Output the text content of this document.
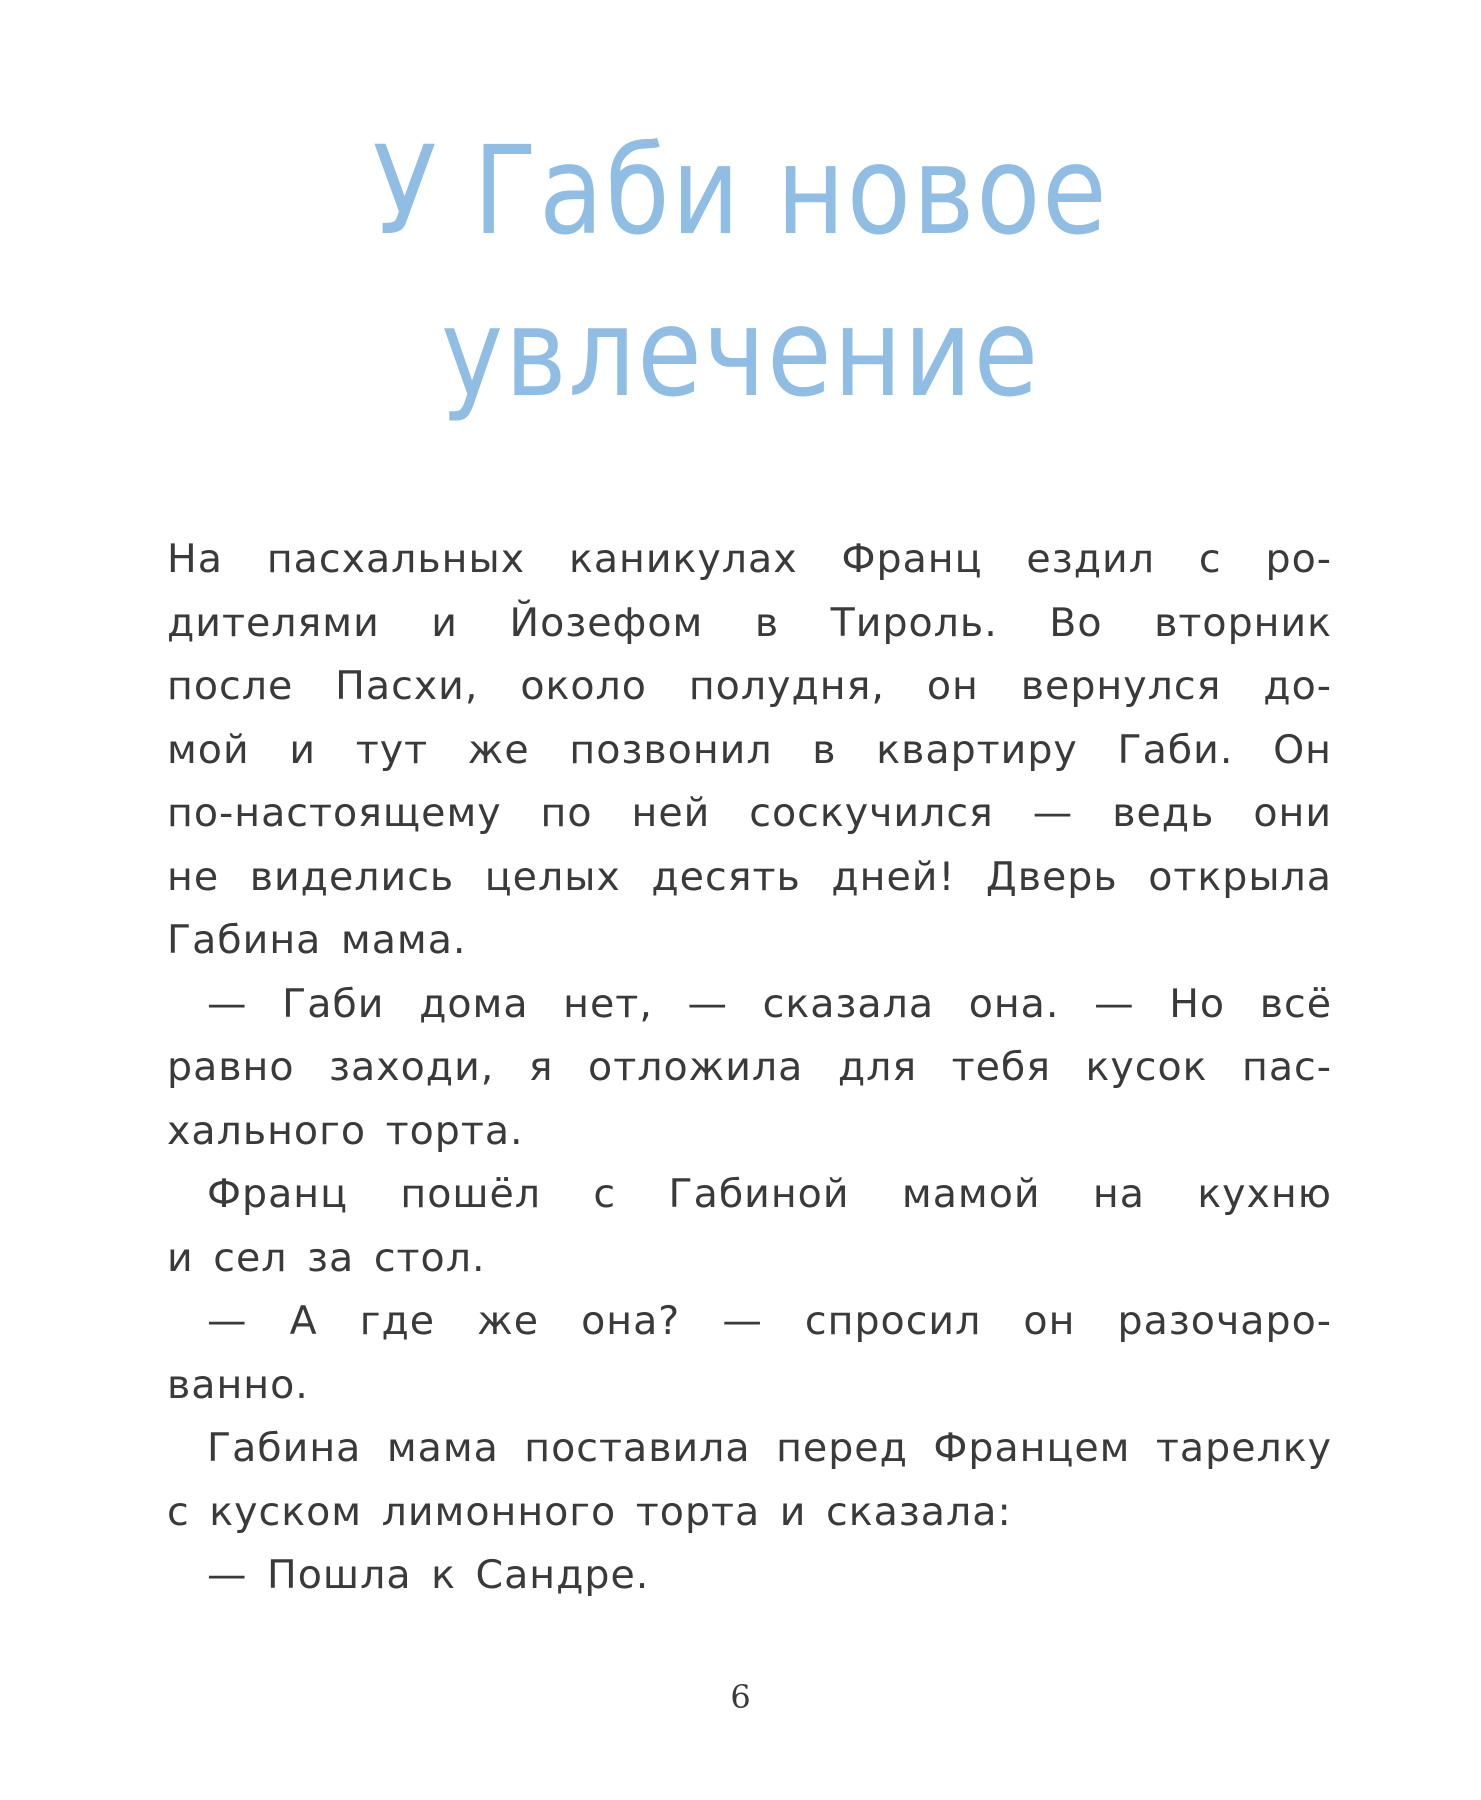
У Габи новое
увлечение

На пасхальных каникулах Франц ездил с ро-
дителями и Йозефом в Тироль. Во вторник
после Пасхи, около полудня, он вернулся до-
мой и тут же позвонил в квартиру Габи. Он
по-настоящему по ней соскучился — ведь они
не виделись целых десять дней! Дверь открыла
Габина мама.

— Габи дома нет, — сказала она. — Но всё
равно заходи, я отложила для тебя кусок пас-
хального торта.

Франц пошёл с Габиной мамой на кухню
и сел за стол.

— А где же она? — спросил он разочаро-
ванно.

Габина мама поставила перед Францем тарелку
с куском лимонного торта и сказала:

— Пошла к Сандре.

6
